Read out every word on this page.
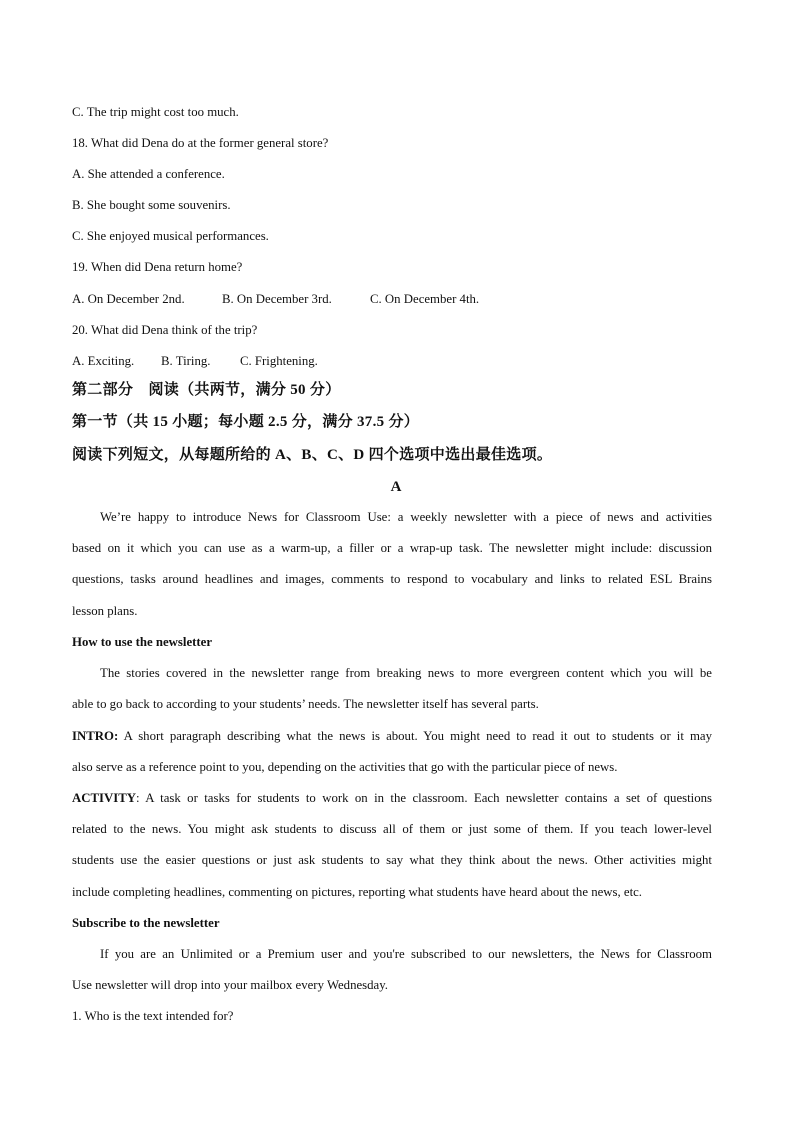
C. The trip might cost too much.
18. What did Dena do at the former general store?
A. She attended a conference.
B. She bought some souvenirs.
C. She enjoyed musical performances.
19. When did Dena return home?
A. On December 2nd.	B. On December 3rd.	C. On December 4th.
20. What did Dena think of the trip?
A. Exciting.	B. Tiring.	C. Frightening.
第二部分　阅读（共两节，满分 50 分）
第一节（共 15 小题；每小题 2.5 分，满分 37.5 分）
阅读下列短文，从每题所给的 A、B、C、D 四个选项中选出最佳选项。
A
We’re happy to introduce News for Classroom Use: a weekly newsletter with a piece of news and activities
based on it which you can use as a warm-up, a filler or a wrap-up task. The newsletter might include: discussion
questions, tasks around headlines and images, comments to respond to vocabulary and links to related ESL Brains
lesson plans.
How to use the newsletter
The stories covered in the newsletter range from breaking news to more evergreen content which you will be
able to go back to according to your students’ needs. The newsletter itself has several parts.
INTRO: A short paragraph describing what the news is about. You might need to read it out to students or it may
also serve as a reference point to you, depending on the activities that go with the particular piece of news.
ACTIVITY: A task or tasks for students to work on in the classroom. Each newsletter contains a set of questions
related to the news. You might ask students to discuss all of them or just some of them. If you teach lower-level
students use the easier questions or just ask students to say what they think about the news. Other activities might
include completing headlines, commenting on pictures, reporting what students have heard about the news, etc.
Subscribe to the newsletter
If you are an Unlimited or a Premium user and you're subscribed to our newsletters, the News for Classroom
Use newsletter will drop into your mailbox every Wednesday.
1. Who is the text intended for?
